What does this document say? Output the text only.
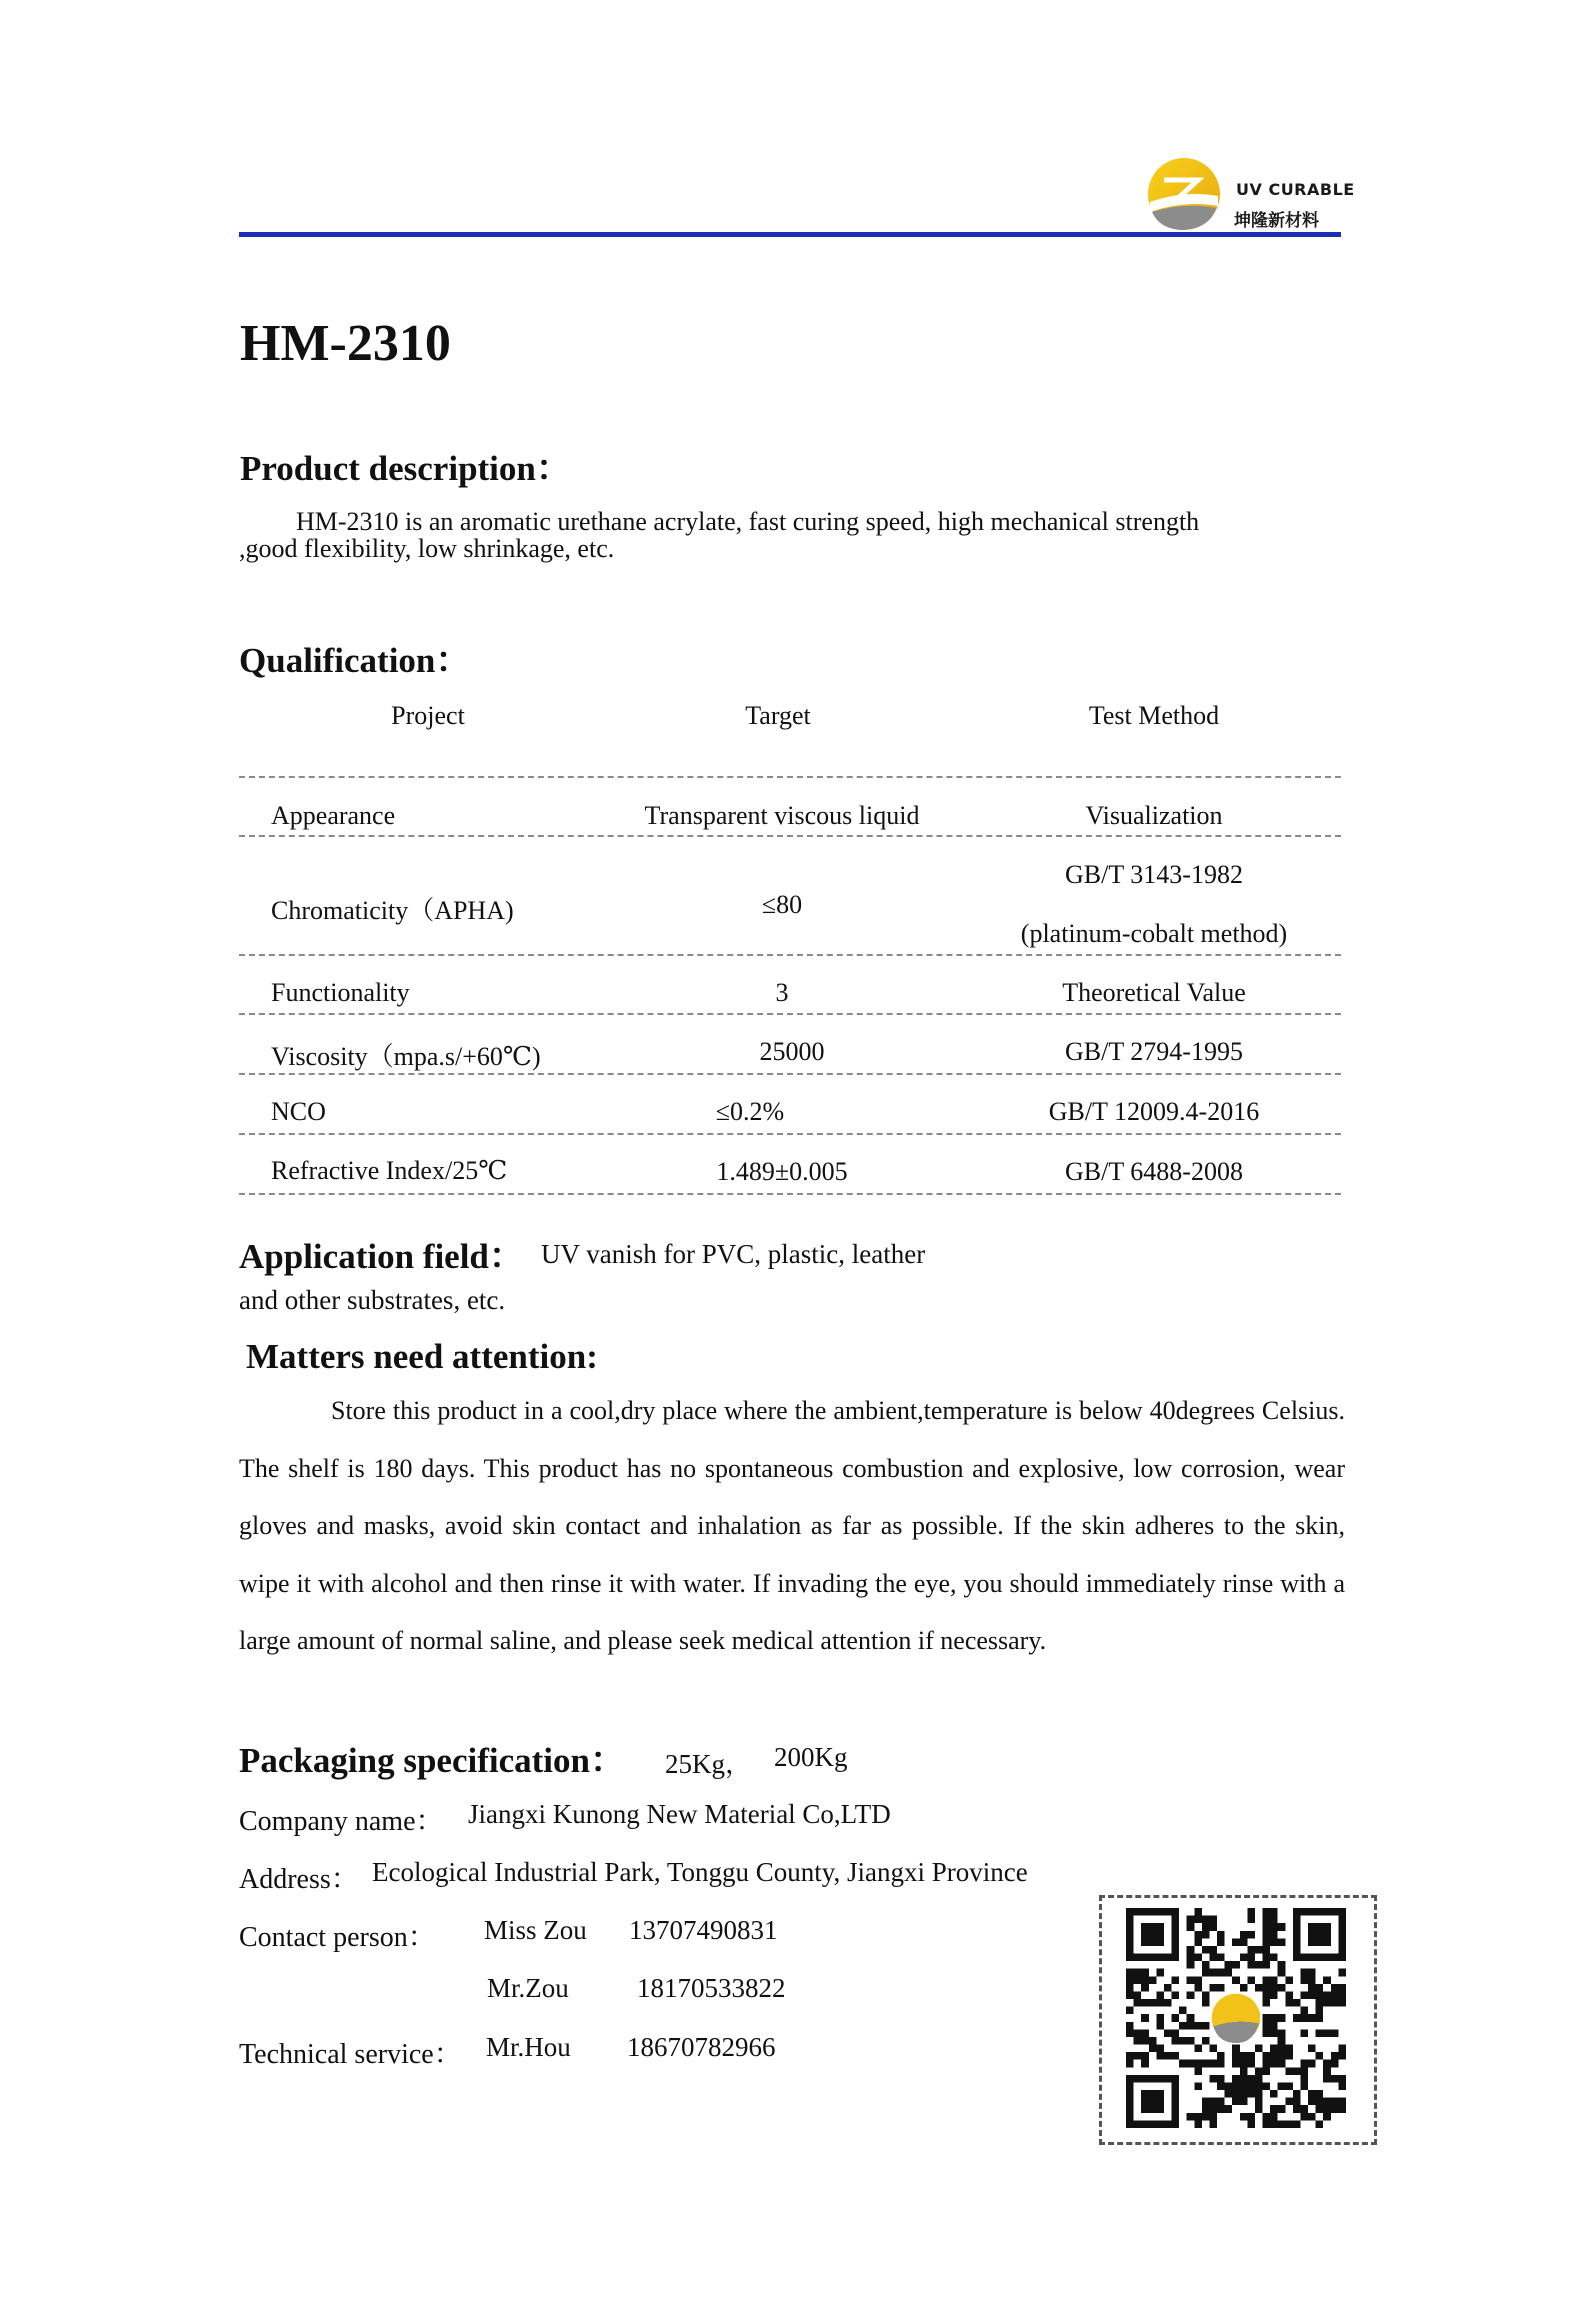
UV CURABLE
坤隆新材料
HM-2310
Product description：
HM-2310 is an aromatic urethane acrylate, fast curing speed, high mechanical strength
,good flexibility, low shrinkage, etc.
Qualification：
Project	Target	Test Method
Appearance	Transparent viscous liquid	Visualization
Chromaticity（APHA)	≤80
GB/T 3143-1982
(platinum-cobalt method)
Functionality	3	Theoretical Value
Viscosity（mpa.s/+60℃)	25000	GB/T 2794-1995
NCO	≤0.2%	GB/T 12009.4-2016
Refractive Index/25℃	1.489±0.005	GB/T 6488-2008
Application field： UV vanish for PVC, plastic, leather
and other substrates, etc.
Matters need attention:
Store this product in a cool,dry place where the ambient,temperature is below 40degrees Celsius. The shelf is 180 days. This product has no spontaneous combustion and explosive, low corrosion, wear gloves and masks, avoid skin contact and inhalation as far as possible. If the skin adheres to the skin, wipe it with alcohol and then rinse it with water. If invading the eye, you should immediately rinse with a large amount of normal saline, and please seek medical attention if necessary.
Packaging specification： 25Kg， 200Kg
Company name： Jiangxi Kunong New Material Co,LTD
Address： Ecological Industrial Park, Tonggu County, Jiangxi Province
Contact person： Miss Zou 13707490831
Mr.Zou	18170533822
Technical service： Mr.Hou 18670782966
